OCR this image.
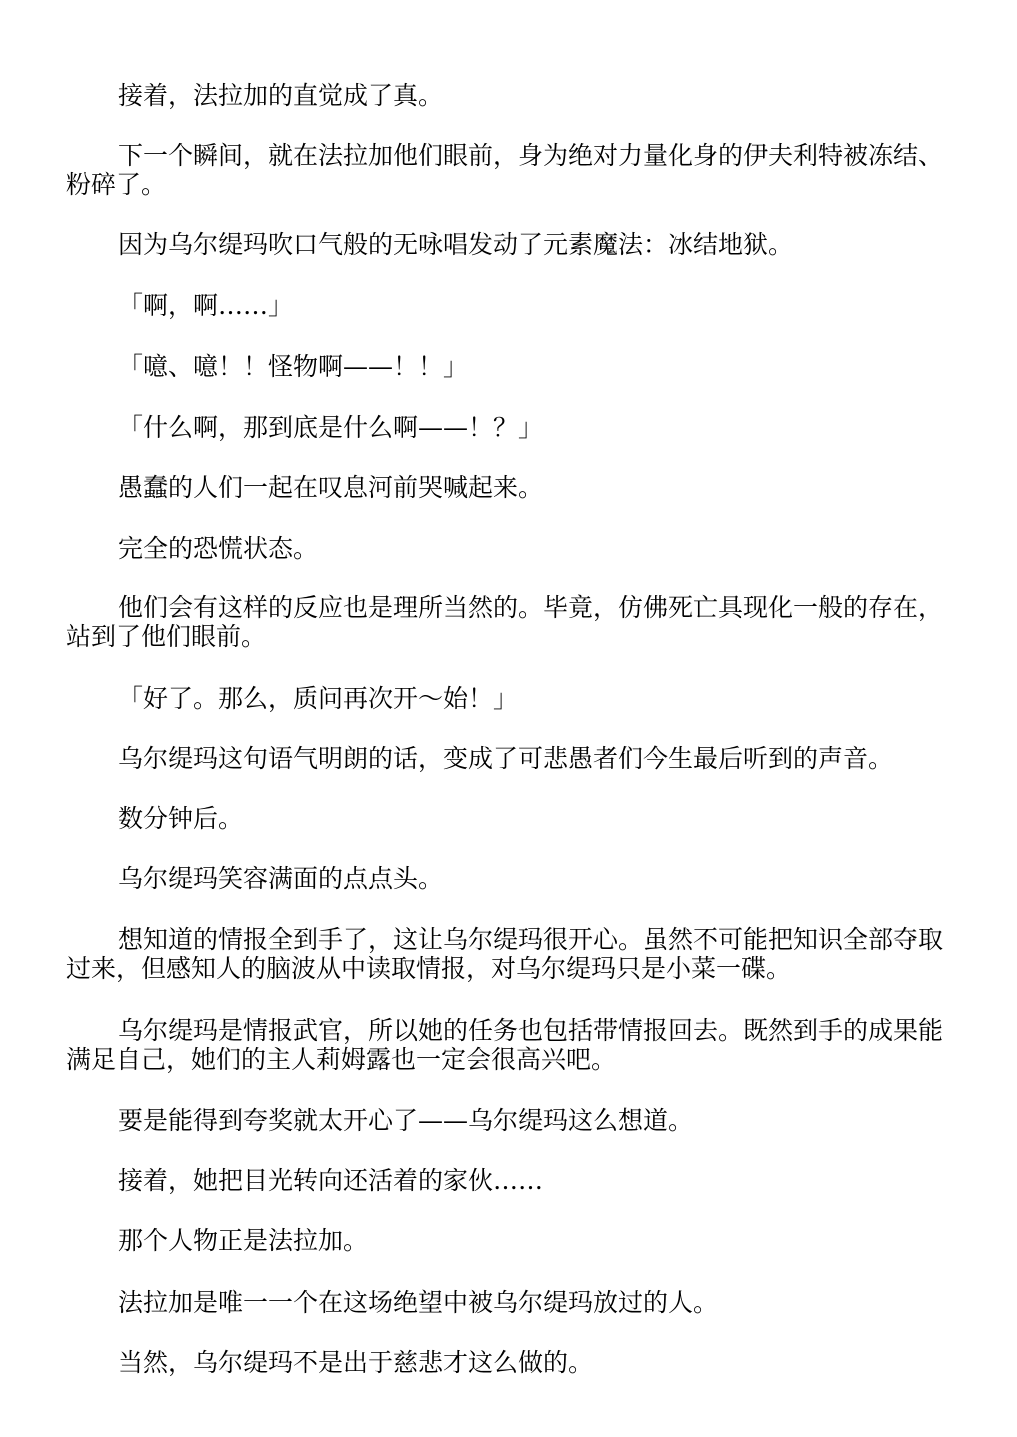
接着，法拉加的直觉成了真。

下一个瞬间，就在法拉加他们眼前，身为绝对力量化身的伊夫利特被冻结、粉碎了。

因为乌尔缇玛吹口气般的无咏唱发动了元素魔法：冰结地狱。

「啊，啊……」

「噫、噫！！怪物啊——！！」

「什么啊，那到底是什么啊——！？」

愚蠢的人们一起在叹息河前哭喊起来。

完全的恐慌状态。

他们会有这样的反应也是理所当然的。毕竟，仿佛死亡具现化一般的存在，站到了他们眼前。

「好了。那么，质问再次开～始！」

乌尔缇玛这句语气明朗的话，变成了可悲愚者们今生最后听到的声音。

数分钟后。

乌尔缇玛笑容满面的点点头。

想知道的情报全到手了，这让乌尔缇玛很开心。虽然不可能把知识全部夺取过来，但感知人的脑波从中读取情报，对乌尔缇玛只是小菜一碟。

乌尔缇玛是情报武官，所以她的任务也包括带情报回去。既然到手的成果能满足自己，她们的主人莉姆露也一定会很高兴吧。

要是能得到夸奖就太开心了——乌尔缇玛这么想道。

接着，她把目光转向还活着的家伙……

那个人物正是法拉加。

法拉加是唯一一个在这场绝望中被乌尔缇玛放过的人。

当然，乌尔缇玛不是出于慈悲才这么做的。
